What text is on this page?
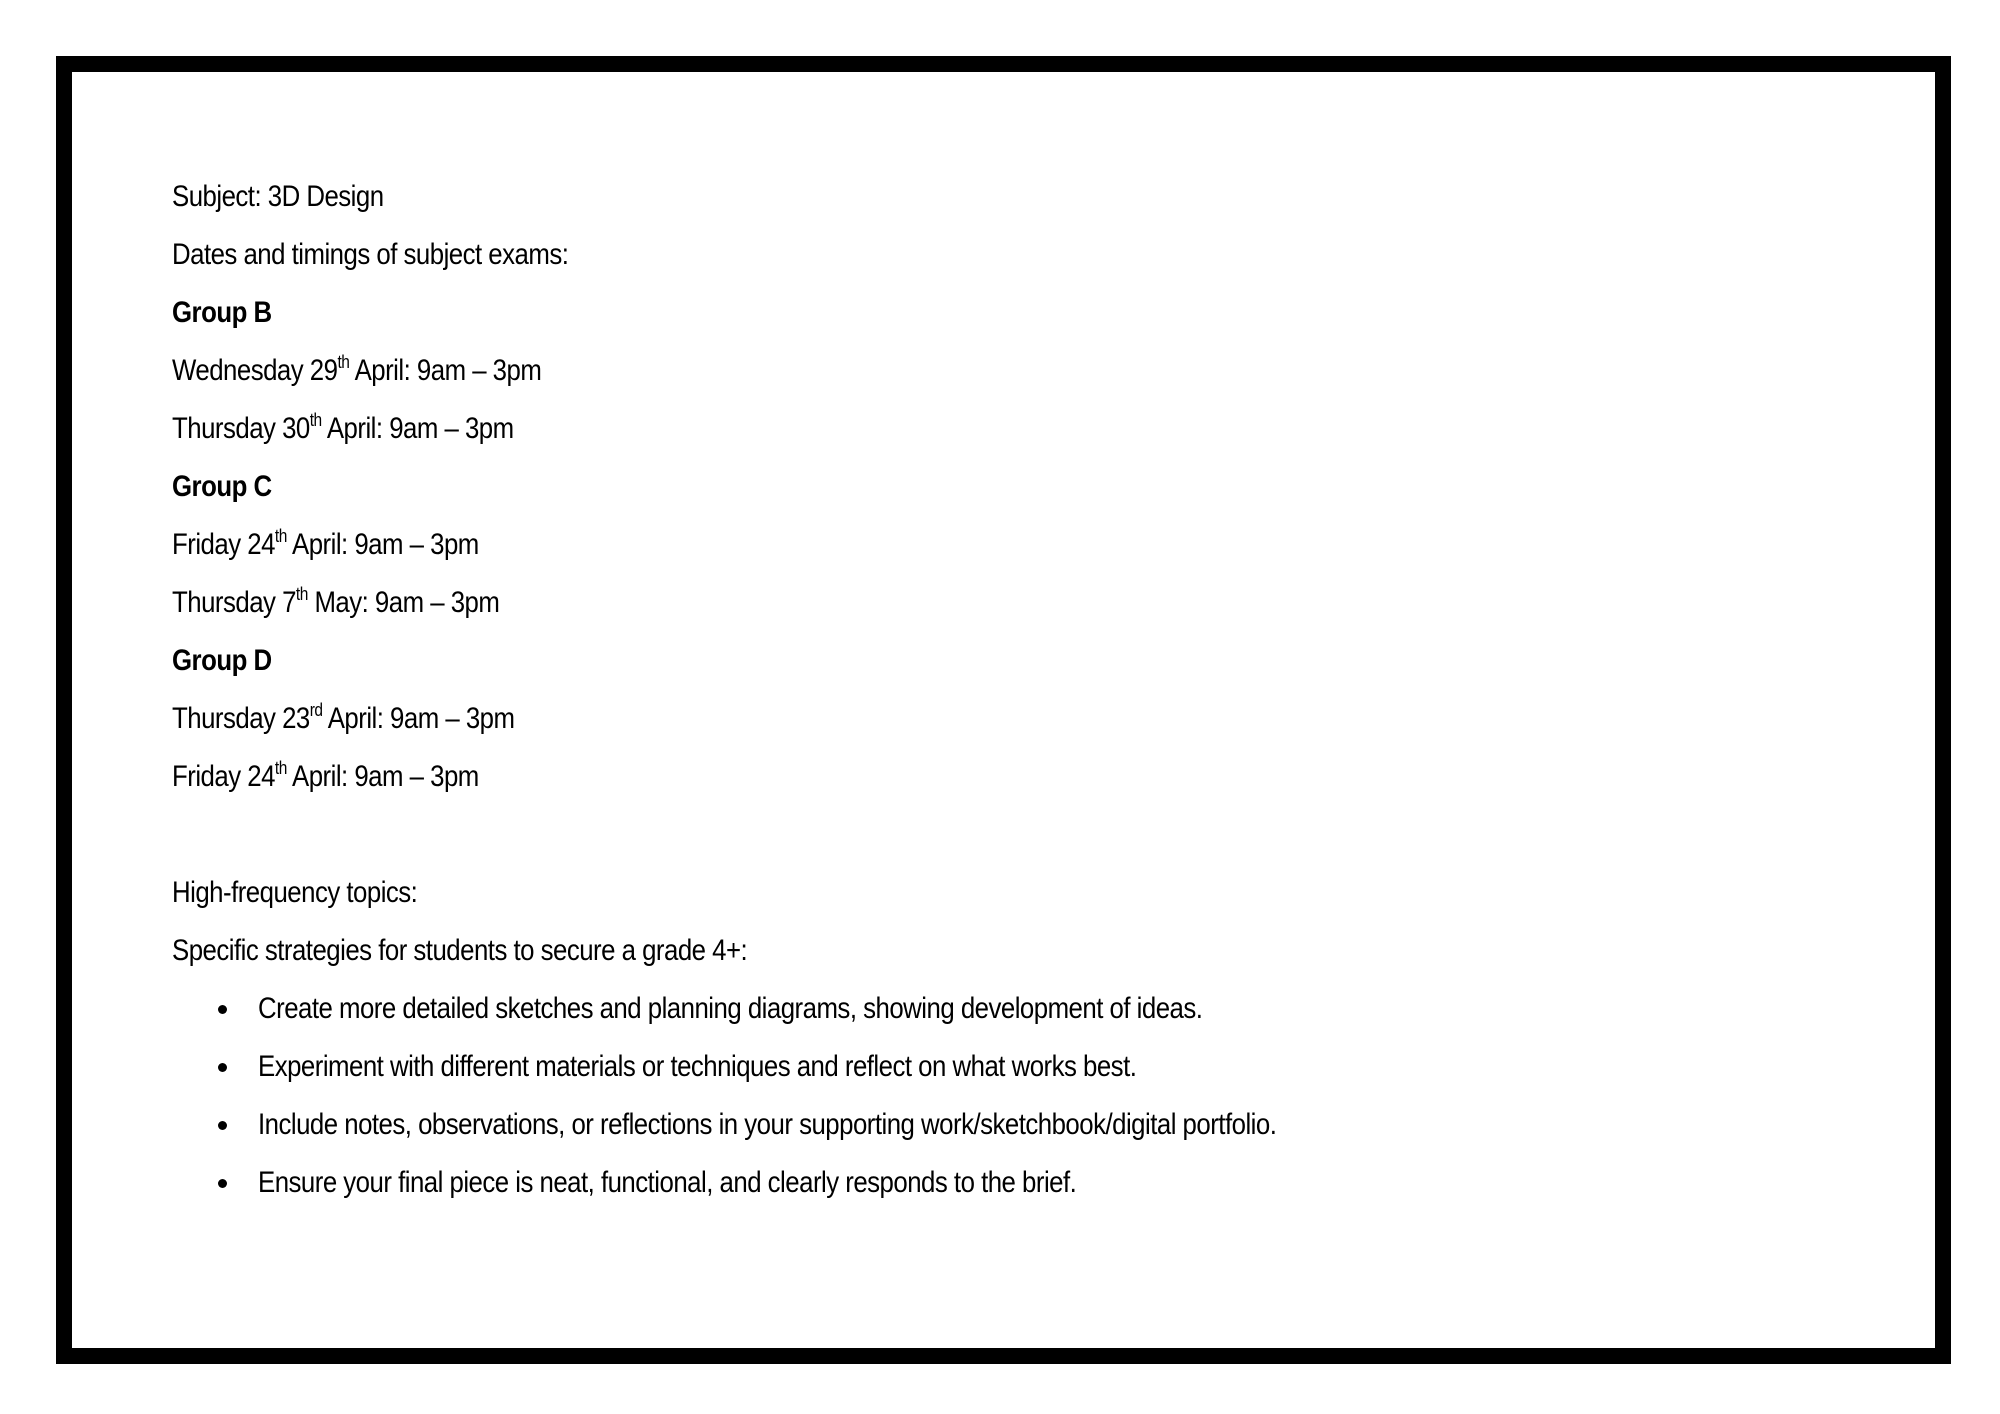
Subject: 3D Design
Dates and timings of subject exams:
Group B
Wednesday 29th April: 9am – 3pm
Thursday 30th April: 9am – 3pm
Group C
Friday 24th April: 9am – 3pm
Thursday 7th May: 9am – 3pm
Group D
Thursday 23rd April: 9am – 3pm
Friday 24th April: 9am – 3pm
High-frequency topics:
Specific strategies for students to secure a grade 4+:
Create more detailed sketches and planning diagrams, showing development of ideas.
Experiment with different materials or techniques and reflect on what works best.
Include notes, observations, or reflections in your supporting work/sketchbook/digital portfolio.
Ensure your final piece is neat, functional, and clearly responds to the brief.
